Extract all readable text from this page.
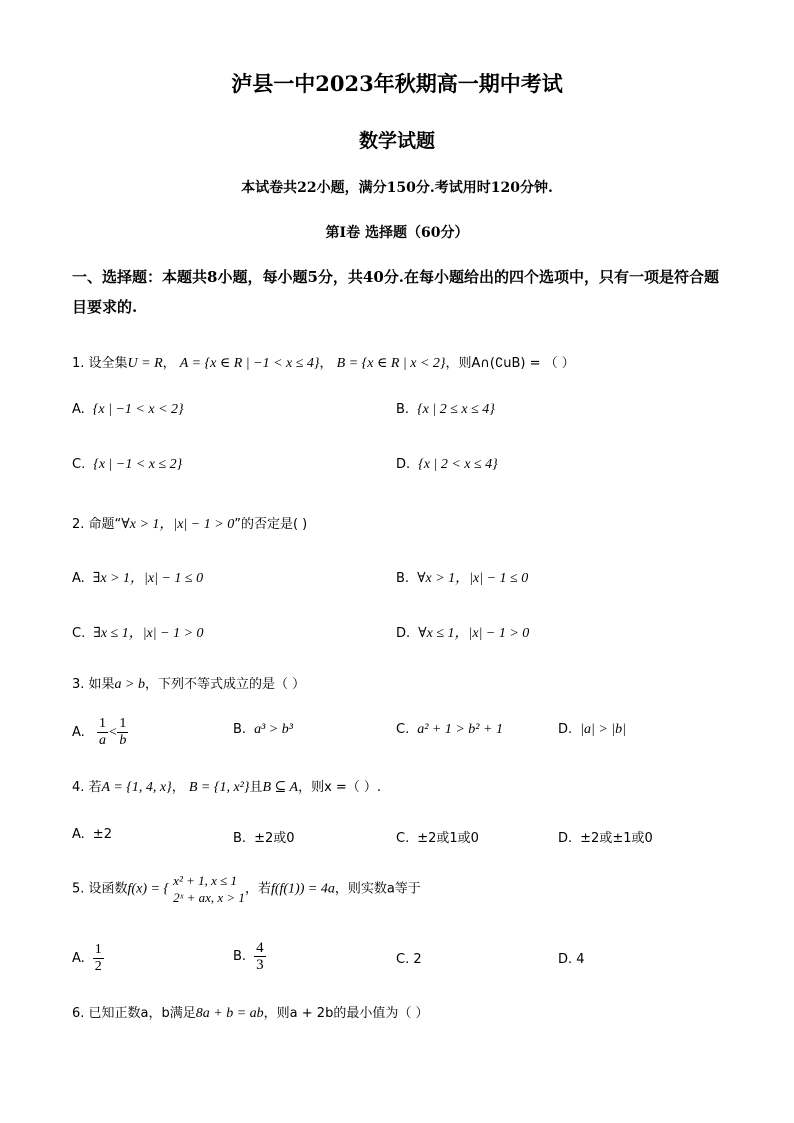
泸县一中2023年秋期高一期中考试
数学试题
本试卷共22小题，满分150分.考试用时120分钟.
第I卷 选择题（60分）
一、选择题：本题共8小题，每小题5分，共40分.在每小题给出的四个选项中，只有一项是符合题目要求的.
1. 设全集U = R， A = {x ∈ R | −1 < x ≤ 4}， B = {x ∈ R | x < 2}，则A∩(∁uB) = （ ）
A. {x | −1 < x < 2}	B. {x | 2 ≤ x ≤ 4}
C. {x | −1 < x ≤ 2}	D. {x | 2 < x ≤ 4}
2. 命题“∀x > 1，|x| − 1 > 0”的否定是( )
A. ∃x > 1，|x| − 1 ≤ 0	B. ∀x > 1，|x| − 1 ≤ 0
C. ∃x ≤ 1，|x| − 1 > 0	D. ∀x ≤ 1，|x| − 1 > 0
3. 如果a > b，下列不等式成立的是（ ）
A. $\frac{1}{a} < \frac{1}{b}$	B. a³ > b³	C. a² + 1 > b² + 1	D. |a| > |b|
4. 若A = {1, 4, x}， B = {1, x²}且B ⊆ A，则x =（ ）.
A. ±2	B. ±2或0	C. ±2或1或0	D. ±2或±1或0
5. 设函数f(x) = {
x² + 1, x ≤ 1
2ˣ + ax, x > 1
，若f(f(1)) = 4a，则实数a等于
A. $\frac{1}{2}$	B. $\frac{4}{3}$	C. 2	D. 4
6. 已知正数a，b满足8a + b = ab，则a + 2b的最小值为（ ）
